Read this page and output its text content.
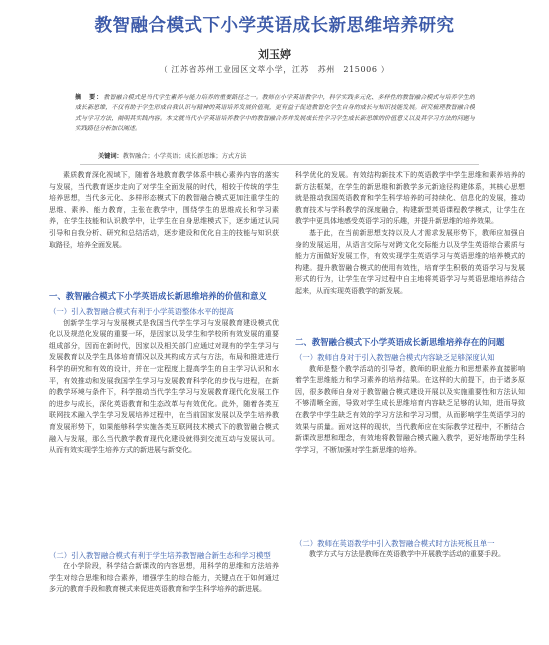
教智融合模式下小学英语成长新思维培养研究
刘玉婷
（ 江苏省苏州工业园区文萃小学，江苏　苏州　215006 ）
摘　要：教智融合模式是当代学生素养与能力培养的重要路径之一。教师在小学英语教学中，科学实践多元化、多样性的教智融合模式与培养学生的成长新思维，不仅有助于学生形成自我认识与精神的英语培养发展价值观，更有益于促进教智化学生自身的成长与知识技能发展。研究梳理教智融合模式与学习方法，阐明其实践内容。本文就当代小学英语培养教学中的教智融合养并发展成长性学习学生成长新思维的价值意义以及其学习方法的问题与实践路径分析加以阐述。
关键词：教智融合；小学英语；成长新思维；方式方法

素质教育深化视域下，随着各地教育教学体系中核心素养内容的落实与发展，当代教育逐步走向了对学生全面发展的时代，相较于传统的学生培养思想，当代多元化、多样形态模式下的教智融合模式更加注重学生的思维、素养、能力教育，主张在教学中，围绕学生的思维成长和学习素养，在学生技能和认识教学中，让学生在自身思维模式下，逐步通过认同引导和自我分析、研究和总结活动，逐步建设和优化自主的技能与知识获取路径，培养全面发展。

一、教智融合模式下小学英语成长新思维培养的价值和意义
（一）引入教智融合模式有利于小学英语整体水平的提高

创新学生学习与发展模式是我国当代学生学习与发展教育建设模式优化以及规范化发展的重要一环，是因家以及学生和学校所有效发展的重要组成部分，因而在新时代，因家以及相关部门应通过对现有的学生学习与发展教育以及学生具体培育情况以及其构成方式与方法，布局和推进进行科学的研究和有效的设计，并在一定程度上提高学生的自主学习认识和水平，有效推动和发展我国学生学习与发展教育科学化的步伐与进程，在新的教学环境与条件下，科学推动当代学生学习与发展教育现代化发展工作的进步与成长，深化英语教育和生态改革与有效优化。此外，随着各类互联网技术融入学生学习发展培养过程中，在当前国家发展以及学生培养教育发展形势下，如果能够科学实施各类互联网技术模式下的教智融合模式融入与发展，那么当代教学教育现代化建设就得到交流互动与发展认可。从而有效实现学生培养方式的新进展与新变化。

（二）引入教智融合模式有利于学生培养教智融合新生态和学习模型

在小学阶段，科学结合新课改的内容思想，用科学的思维和方法培养学生对综合思维和综合素养，增强学生的综合能力，关键点在于如何通过多元的教育手段和教育模式来促进英语教育和学生科学培养的新进展。

科学优化的发展。有效结构新技术下的英语教学中学生思维和素养培养的新方法框架，在学生的新思维和新教学多元新途径构建体系，其核心思想就是推动我国英语教育和学生科学培养的可持续化、信息化的发展，推动教育技术与学科教学的深度融合，构建新型英语课程教学模式，让学生在教学中更具体地感受英语学习的乐趣，并提升新思维的培养效果。

基于此，在当前新思想支持以及人才需求发展形势下，教师应加强自身的发展运用，从语言交际与对跨文化交际能力以及学生英语综合素质与能力方面做好发展工作，有效实现学生英语学习与英语思维的培养模式的构建。提升教智融合模式的使用有效性，培育学生积极的英语学习与发展形式的行为，让学生在学习过程中自主地将英语学习与英语思维培养结合起来，从而实现英语教学的新发展。

二、教智融合模式下小学英语成长新思维培养存在的问题
（一）教师自身对于引入教智融合模式内容缺乏足够深度认知

教师是整个教学活动的引导者，教师的职业能力和思想素养直接影响着学生思维能力和学习素养的培养结果。在这样的大前提下，由于诸多原因，很多教师自身对于教智融合模式建设开展以及实施重要性和方法认知不够清晰全面，导致对学生成长思维培育内容缺乏足够的认知，进而导致在教学中学生缺乏有效的学习方法和学习习惯，从而影响学生英语学习的效果与质量。面对这样的现状，当代教师应在实际教学过程中，不断结合新课改思想和理念，有效地将教智融合模式融入教学，更好地帮助学生科学学习，不断加强对学生新思维的培养。

（二）教师在英语教学中引入教智融合模式时方法死板且单一

教学方式与方法是教师在英语教学中开展教学活动的重要手段。
